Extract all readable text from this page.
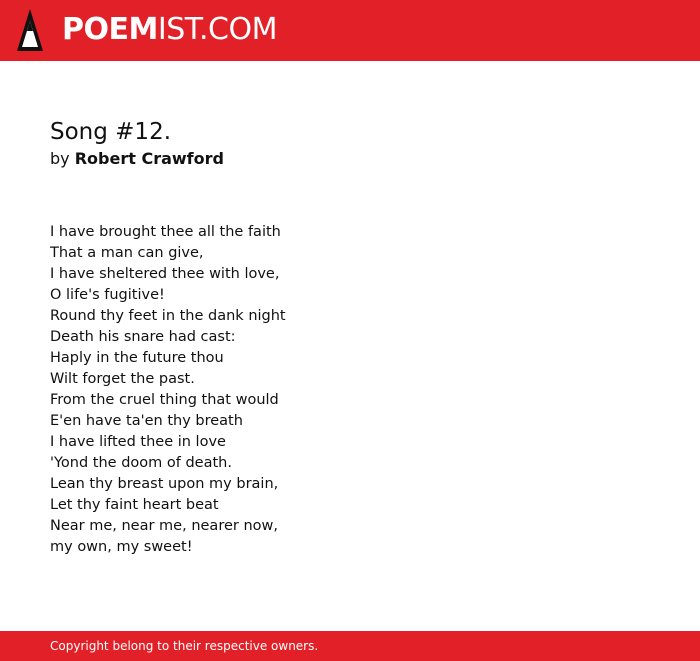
POEMIST.COM
Song #12.
by Robert Crawford
I have brought thee all the faith
That a man can give,
I have sheltered thee with love,
O life's fugitive!
Round thy feet in the dank night
Death his snare had cast:
Haply in the future thou
Wilt forget the past.
From the cruel thing that would
E'en have ta'en thy breath
I have lifted thee in love
'Yond the doom of death.
Lean thy breast upon my brain,
Let thy faint heart beat
Near me, near me, nearer now,
my own, my sweet!
Copyright belong to their respective owners.
